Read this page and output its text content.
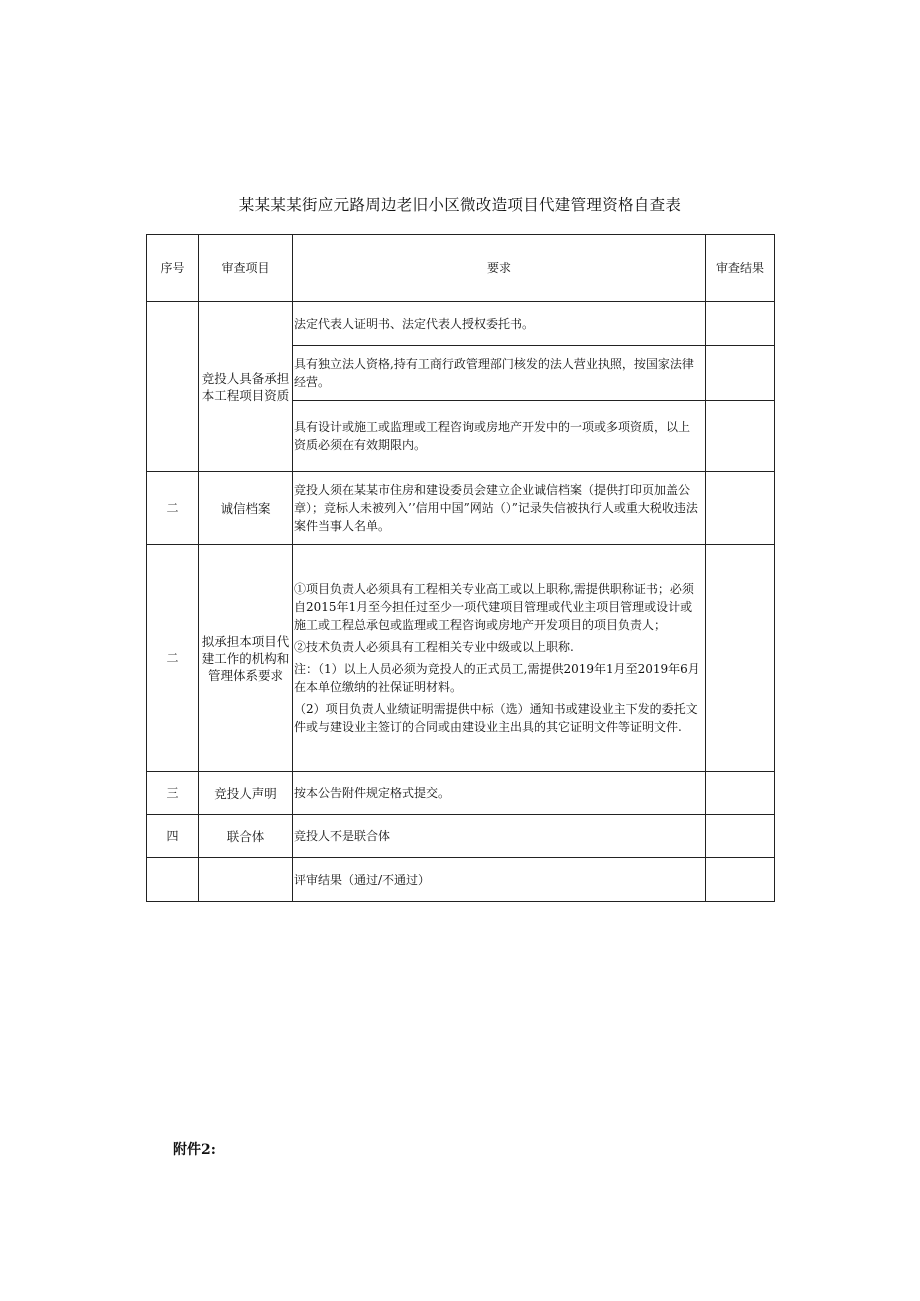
某某某某街应元路周边老旧小区微改造项目代建管理资格自查表
序号	审查项目	要求	审查结果
	竞投人具备承担本工程项目资质	法定代表人证明书、法定代表人授权委托书。	
		具有独立法人资格,持有工商行政管理部门核发的法人营业执照，按国家法律经营。	
		具有设计或施工或监理或工程咨询或房地产开发中的一项或多项资质，以上资质必须在有效期限内。	
二	诚信档案	竞投人须在某某市住房和建设委员会建立企业诚信档案（提供打印页加盖公章）；竞标人未被列入’’信用中国”网站（）”记录失信被执行人或重大税收违法案件当事人名单。	
二	拟承担本项目代建工作的机构和管理体系要求	①项目负责人必须具有工程相关专业高工或以上职称,需提供职称证书；必须自2015年1月至今担任过至少一项代建项目管理或代业主项目管理或设计或施工或工程总承包或监理或工程咨询或房地产开发项目的项目负责人；

②技术负责人必须具有工程相关专业中级或以上职称.

注：（1）以上人员必须为竞投人的正式员工,需提供2019年1月至2019年6月在本单位缴纳的社保证明材料。

（2）项目负责人业绩证明需提供中标（选）通知书或建设业主下发的委托文件或与建设业主签订的合同或由建设业主出具的其它证明文件等证明文件.	

三	竞投人声明	按本公告附件规定格式提交。	
四	联合体	竞投人不是联合体	
		评审结果（通过/不通过）	
附件2:
